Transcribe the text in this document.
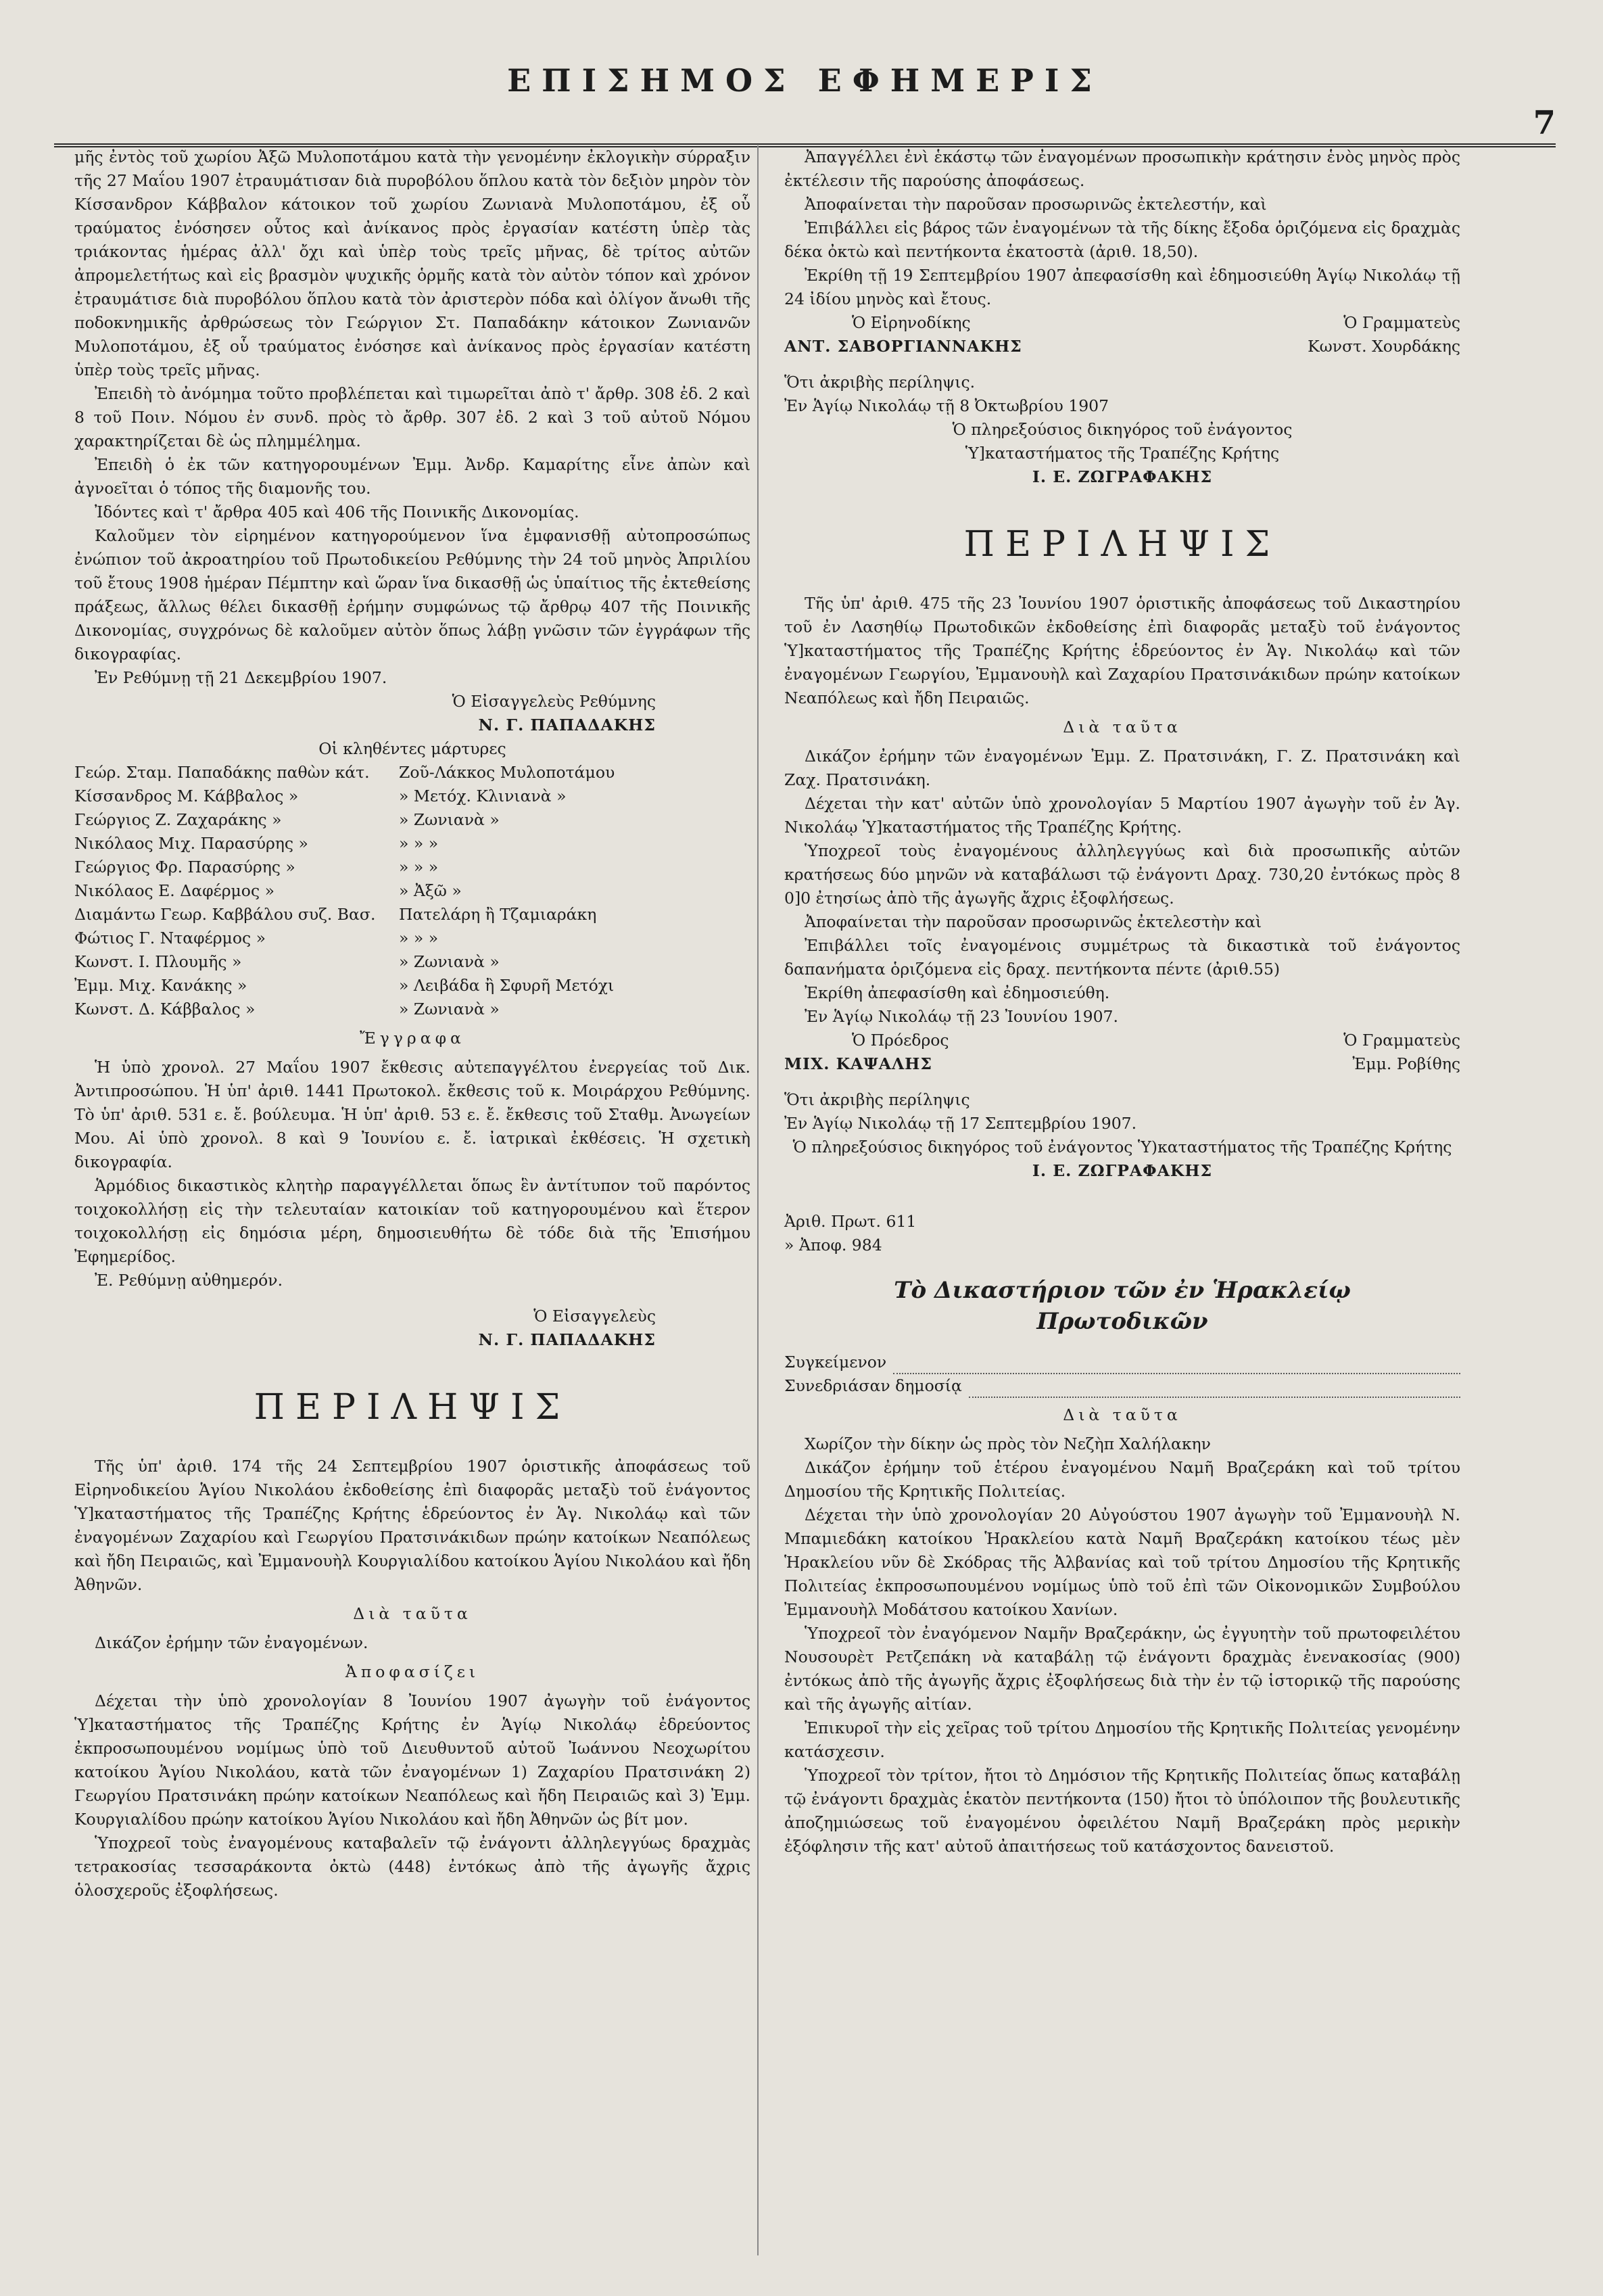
ΕΠΙΣΗΜΟΣ ΕΦΗΜΕΡΙΣ
7

μῆς ἐντὸς τοῦ χωρίου Ἀξῶ Μυλοποτάμου κατὰ τὴν γενομένην ἐκλογικὴν σύρραξιν τῆς 27 Μαΐου 1907 ἐτραυμάτισαν διὰ πυροβόλου ὅπλου κατὰ τὸν δεξιὸν μηρὸν τὸν Κίσσανδρον Κάββαλον κάτοικον τοῦ χωρίου Ζωνιανὰ Μυλοποτάμου, ἐξ οὗ τραύματος ἐνόσησεν οὗτος καὶ ἀνίκανος πρὸς ἐργασίαν κατέστη ὑπὲρ τὰς τριάκοντας ἡμέρας ἀλλ' ὄχι καὶ ὑπὲρ τοὺς τρεῖς μῆνας, δὲ τρίτος αὐτῶν ἀπρομελετήτως καὶ εἰς βρασμὸν ψυχικῆς ὁρμῆς κατὰ τὸν αὐτὸν τόπον καὶ χρόνον ἐτραυμάτισε διὰ πυροβόλου ὅπλου κατὰ τὸν ἀριστερὸν πόδα καὶ ὀλίγον ἄνωθι τῆς ποδοκνημικῆς ἀρθρώσεως τὸν Γεώργιον Στ. Παπαδάκην κάτοικον Ζωνιανῶν Μυλοποτάμου, ἐξ οὗ τραύματος ἐνόσησε καὶ ἀνίκανος πρὸς ἐργασίαν κατέστη ὑπὲρ τοὺς τρεῖς μῆνας.

Ἐπειδὴ τὸ ἀνόμημα τοῦτο προβλέπεται καὶ τιμωρεῖται ἀπὸ τ' ἄρθρ. 308 ἐδ. 2 καὶ 8 τοῦ Ποιν. Νόμου ἐν συνδ. πρὸς τὸ ἄρθρ. 307 ἐδ. 2 καὶ 3 τοῦ αὐτοῦ Νόμου χαρακτηρίζεται δὲ ὡς πλημμέλημα.

Ἐπειδὴ ὁ ἐκ τῶν κατηγορουμένων Ἐμμ. Ἀνδρ. Καμαρίτης εἶνε ἀπὼν καὶ ἀγνοεῖται ὁ τόπος τῆς διαμονῆς του.

Ἰδόντες καὶ τ' ἄρθρα 405 καὶ 406 τῆς Ποινικῆς Δικονομίας.

Καλοῦμεν τὸν εἰρημένον κατηγορούμενον ἵνα ἐμφανισθῇ αὐτοπροσώπως ἐνώπιον τοῦ ἀκροατηρίου τοῦ Πρωτοδικείου Ρεθύμνης τὴν 24 τοῦ μηνὸς Ἀπριλίου τοῦ ἔτους 1908 ἡμέραν Πέμπτην καὶ ὥραν ἵνα δικασθῇ ὡς ὑπαίτιος τῆς ἐκτεθείσης πράξεως, ἄλλως θέλει δικασθῇ ἐρήμην συμφώνως τῷ ἄρθρῳ 407 τῆς Ποινικῆς Δικονομίας, συγχρόνως δὲ καλοῦμεν αὐτὸν ὅπως λάβῃ γνῶσιν τῶν ἐγγράφων τῆς δικογραφίας.

Ἐν Ρεθύμνῃ τῇ 21 Δεκεμβρίου 1907.

Ὁ Εἰσαγγελεὺς Ρεθύμνης
Ν. Γ. ΠΑΠΑΔΑΚΗΣ
Οἱ κληθέντες μάρτυρες
Γεώρ. Σταμ. Παπαδάκης παθὼν κάτ.	Ζοῦ-Λάκκος Μυλοποτάμου
Κίσσανδρος Μ. Κάββαλος »	» Μετόχ. Κλινιανὰ »
Γεώργιος Ζ. Ζαχαράκης »	» Ζωνιανὰ »
Νικόλαος Μιχ. Παρασύρης »	» » »
Γεώργιος Φρ. Παρασύρης »	» » »
Νικόλαος Ε. Δαφέρμος »	» Ἀξῶ »
Διαμάντω Γεωρ. Καββάλου συζ. Βασ.	Πατελάρη ἢ Τζαμιαράκη
Φώτιος Γ. Νταφέρμος »	» » »
Κωνστ. Ι. Πλουμῆς »	» Ζωνιανὰ »
Ἐμμ. Μιχ. Κανάκης »	» Λειβάδα ἢ Σφυρῆ Μετόχι
Κωνστ. Δ. Κάββαλος »	» Ζωνιανὰ »
Ἔγγραφα

Ἡ ὑπὸ χρονολ. 27 Μαΐου 1907 ἔκθεσις αὐτεπαγγέλτου ἐνεργείας τοῦ Δικ. Ἀντιπροσώπου. Ἡ ὑπ' ἀριθ. 1441 Πρωτοκολ. ἔκθεσις τοῦ κ. Μοιράρχου Ρεθύμνης. Τὸ ὑπ' ἀριθ. 531 ε. ἔ. βούλευμα. Ἡ ὑπ' ἀριθ. 53 ε. ἔ. ἔκθεσις τοῦ Σταθμ. Ἀνωγείων Μου. Αἱ ὑπὸ χρονολ. 8 καὶ 9 Ἰουνίου ε. ἔ. ἰατρικαὶ ἐκθέσεις. Ἡ σχετικὴ δικογραφία.

Ἁρμόδιος δικαστικὸς κλητὴρ παραγγέλλεται ὅπως ἓν ἀντίτυπον τοῦ παρόντος τοιχοκολλήσῃ εἰς τὴν τελευταίαν κατοικίαν τοῦ κατηγορουμένου καὶ ἕτερον τοιχοκολλήσῃ εἰς δημόσια μέρη, δημοσιευθήτω δὲ τόδε διὰ τῆς Ἐπισήμου Ἐφημερίδος.

Ἐ. Ρεθύμνῃ αὐθημερόν.

Ὁ Εἰσαγγελεὺς
Ν. Γ. ΠΑΠΑΔΑΚΗΣ
ΠΕΡΙΛΗΨΙΣ

Τῆς ὑπ' ἀριθ. 174 τῆς 24 Σεπτεμβρίου 1907 ὁριστικῆς ἀποφάσεως τοῦ Εἰρηνοδικείου Ἁγίου Νικολάου ἐκδοθείσης ἐπὶ διαφορᾶς μεταξὺ τοῦ ἐνάγοντος Ὑ]καταστήματος τῆς Τραπέζης Κρήτης ἑδρεύοντος ἐν Ἁγ. Νικολάῳ καὶ τῶν ἐναγομένων Ζαχαρίου καὶ Γεωργίου Πρατσινάκιδων πρώην κατοίκων Νεαπόλεως καὶ ἤδη Πειραιῶς, καὶ Ἐμμανουὴλ Κουργιαλίδου κατοίκου Ἁγίου Νικολάου καὶ ἤδη Ἀθηνῶν.

Διὰ ταῦτα

Δικάζον ἐρήμην τῶν ἐναγομένων.

Ἀποφασίζει

Δέχεται τὴν ὑπὸ χρονολογίαν 8 Ἰουνίου 1907 ἀγωγὴν τοῦ ἐνάγοντος Ὑ]καταστήματος τῆς Τραπέζης Κρήτης ἐν Ἁγίῳ Νικολάῳ ἐδρεύοντος ἐκπροσωπουμένου νομίμως ὑπὸ τοῦ Διευθυντοῦ αὐτοῦ Ἰωάννου Νεοχωρίτου κατοίκου Ἁγίου Νικολάου, κατὰ τῶν ἐναγομένων 1) Ζαχαρίου Πρατσινάκη 2) Γεωργίου Πρατσινάκη πρώην κατοίκων Νεαπόλεως καὶ ἤδη Πειραιῶς καὶ 3) Ἐμμ. Κουργιαλίδου πρώην κατοίκου Ἁγίου Νικολάου καὶ ἤδη Ἀθηνῶν ὡς βίτ μον.

Ὑποχρεοῖ τοὺς ἐναγομένους καταβαλεῖν τῷ ἐνάγοντι ἀλληλεγγύως δραχμὰς τετρακοσίας τεσσαράκοντα ὀκτὼ (448) ἐντόκως ἀπὸ τῆς ἀγωγῆς ἄχρις ὁλοσχεροῦς ἐξοφλήσεως.

Ἀπαγγέλλει ἐνὶ ἑκάστῳ τῶν ἐναγομένων προσωπικὴν κράτησιν ἑνὸς μηνὸς πρὸς ἐκτέλεσιν τῆς παρούσης ἀποφάσεως.

Ἀποφαίνεται τὴν παροῦσαν προσωρινῶς ἐκτελεστήν, καὶ

Ἐπιβάλλει εἰς βάρος τῶν ἐναγομένων τὰ τῆς δίκης ἔξοδα ὁριζόμενα εἰς δραχμὰς δέκα ὀκτὼ καὶ πεντήκοντα ἑκατοστὰ (ἀριθ. 18,50).

Ἐκρίθη τῇ 19 Σεπτεμβρίου 1907 ἀπεφασίσθη καὶ ἐδημοσιεύθη Ἁγίῳ Νικολάῳ τῇ 24 ἰδίου μηνὸς καὶ ἔτους.

Ὁ Εἰρηνοδίκης	Ὁ Γραμματεὺς
ΑΝΤ. ΣΑΒΟΡΓΙΑΝΝΑΚΗΣ	Κωνστ. Χουρδάκης

Ὅτι ἀκριβὴς περίληψις.

Ἐν Ἁγίῳ Νικολάῳ τῇ 8 Ὀκτωβρίου 1907

Ὁ πληρεξούσιος δικηγόρος τοῦ ἐνάγοντος
Ὑ]καταστήματος τῆς Τραπέζης Κρήτης
Ι. Ε. ΖΩΓΡΑΦΑΚΗΣ
ΠΕΡΙΛΗΨΙΣ

Τῆς ὑπ' ἀριθ. 475 τῆς 23 Ἰουνίου 1907 ὁριστικῆς ἀποφάσεως τοῦ Δικαστηρίου τοῦ ἐν Λασηθίῳ Πρωτοδικῶν ἐκδοθείσης ἐπὶ διαφορᾶς μεταξὺ τοῦ ἐνάγοντος Ὑ]καταστήματος τῆς Τραπέζης Κρήτης ἑδρεύοντος ἐν Ἁγ. Νικολάῳ καὶ τῶν ἐναγομένων Γεωργίου, Ἐμμανουὴλ καὶ Ζαχαρίου Πρατσινάκιδων πρώην κατοίκων Νεαπόλεως καὶ ἤδη Πειραιῶς.

Διὰ ταῦτα

Δικάζον ἐρήμην τῶν ἐναγομένων Ἐμμ. Ζ. Πρατσινάκη, Γ. Ζ. Πρατσινάκη καὶ Ζαχ. Πρατσινάκη.

Δέχεται τὴν κατ' αὐτῶν ὑπὸ χρονολογίαν 5 Μαρτίου 1907 ἀγωγὴν τοῦ ἐν Ἁγ. Νικολάῳ Ὑ]καταστήματος τῆς Τραπέζης Κρήτης.

Ὑποχρεοῖ τοὺς ἐναγομένους ἀλληλεγγύως καὶ διὰ προσωπικῆς αὐτῶν κρατήσεως δύο μηνῶν νὰ καταβάλωσι τῷ ἐνάγοντι Δραχ. 730,20 ἐντόκως πρὸς 8 0]0 ἐτησίως ἀπὸ τῆς ἀγωγῆς ἄχρις ἐξοφλήσεως.

Ἀποφαίνεται τὴν παροῦσαν προσωρινῶς ἐκτελεστὴν καὶ

Ἐπιβάλλει τοῖς ἐναγομένοις συμμέτρως τὰ δικαστικὰ τοῦ ἐνάγοντος δαπανήματα ὁριζόμενα εἰς δραχ. πεντήκοντα πέντε (ἀριθ.55)

Ἐκρίθη ἀπεφασίσθη καὶ ἐδημοσιεύθη.

Ἐν Ἁγίῳ Νικολάῳ τῇ 23 Ἰουνίου 1907.

Ὁ Πρόεδρος	Ὁ Γραμματεὺς
ΜΙΧ. ΚΑΨΑΛΗΣ	Ἐμμ. Ροβίθης

Ὅτι ἀκριβὴς περίληψις

Ἐν Ἁγίῳ Νικολάῳ τῇ 17 Σεπτεμβρίου 1907.

Ὁ πληρεξούσιος δικηγόρος τοῦ ἐνάγοντος Ὑ)καταστήματος τῆς Τραπέζης Κρήτης
Ι. Ε. ΖΩΓΡΑΦΑΚΗΣ

Ἀριθ. Πρωτ. 611

» Ἀποφ. 984

Τὸ Δικαστήριον τῶν ἐν Ἡρακλείῳ
Πρωτοδικῶν
Συγκείμενον
Συνεδριάσαν δημοσίᾳ
Διὰ ταῦτα

Χωρίζον τὴν δίκην ὡς πρὸς τὸν Νεζὴπ Χαλήλακην

Δικάζον ἐρήμην τοῦ ἑτέρου ἐναγομένου Ναμῆ Βραζεράκη καὶ τοῦ τρίτου Δημοσίου τῆς Κρητικῆς Πολιτείας.

Δέχεται τὴν ὑπὸ χρονολογίαν 20 Αὐγούστου 1907 ἀγωγὴν τοῦ Ἐμμανουὴλ Ν. Μπαμιεδάκη κατοίκου Ἡρακλείου κατὰ Ναμῆ Βραζεράκη κατοίκου τέως μὲν Ἡρακλείου νῦν δὲ Σκόδρας τῆς Ἀλβανίας καὶ τοῦ τρίτου Δημοσίου τῆς Κρητικῆς Πολιτείας ἐκπροσωπουμένου νομίμως ὑπὸ τοῦ ἐπὶ τῶν Οἰκονομικῶν Συμβούλου Ἐμμανουὴλ Μοδάτσου κατοίκου Χανίων.

Ὑποχρεοῖ τὸν ἐναγόμενον Ναμῆν Βραζεράκην, ὡς ἐγγυητὴν τοῦ πρωτοφειλέτου Νουσουρὲτ Ρετζεπάκη νὰ καταβάλῃ τῷ ἐνάγοντι δραχμὰς ἐνενακοσίας (900) ἐντόκως ἀπὸ τῆς ἀγωγῆς ἄχρις ἐξοφλήσεως διὰ τὴν ἐν τῷ ἱστορικῷ τῆς παρούσης καὶ τῆς ἀγωγῆς αἰτίαν.

Ἐπικυροῖ τὴν εἰς χεῖρας τοῦ τρίτου Δημοσίου τῆς Κρητικῆς Πολιτείας γενομένην κατάσχεσιν.

Ὑποχρεοῖ τὸν τρίτον, ἤτοι τὸ Δημόσιον τῆς Κρητικῆς Πολιτείας ὅπως καταβάλῃ τῷ ἐνάγοντι δραχμὰς ἑκατὸν πεντήκοντα (150) ἤτοι τὸ ὑπόλοιπον τῆς βουλευτικῆς ἀποζημιώσεως τοῦ ἐναγομένου ὀφειλέτου Ναμῆ Βραζεράκη πρὸς μερικὴν ἐξόφλησιν τῆς κατ' αὐτοῦ ἀπαιτήσεως τοῦ κατάσχοντος δανειστοῦ.
